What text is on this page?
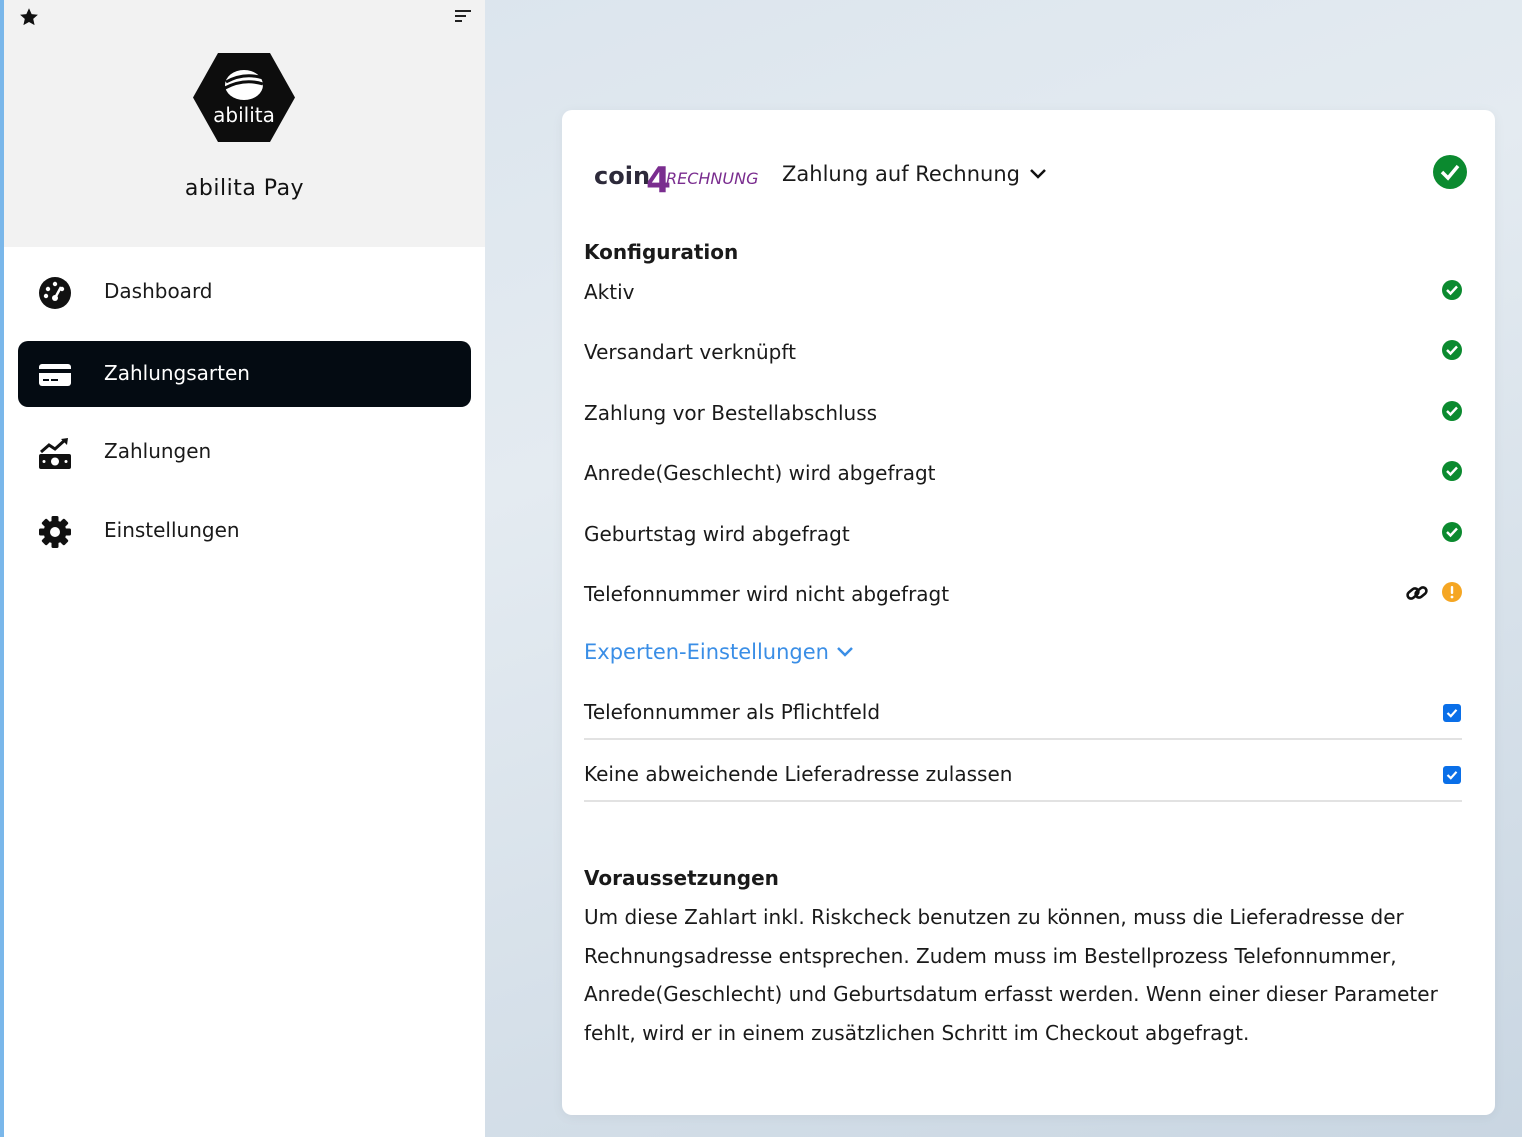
abilita
abilita Pay
Dashboard
Zahlungsarten
Zahlungen
Einstellungen
coin
4
RECHNUNG Zahlung auf Rechnung
Konfiguration
Aktiv
Versandart verknüpft
Zahlung vor Bestellabschluss
Anrede(Geschlecht) wird abgefragt
Geburtstag wird abgefragt
Telefonnummer wird nicht abgefragt
Experten-Einstellungen
Telefonnummer als Pflichtfeld
Keine abweichende Lieferadresse zulassen
Voraussetzungen

Um diese Zahlart inkl. Riskcheck benutzen zu können, muss die Lieferadresse der Rechnungsadresse entsprechen. Zudem muss im Bestellprozess Telefonnummer, Anrede(Geschlecht) und Geburtsdatum erfasst werden. Wenn einer dieser Parameter fehlt, wird er in einem zusätzlichen Schritt im Checkout abgefragt.
